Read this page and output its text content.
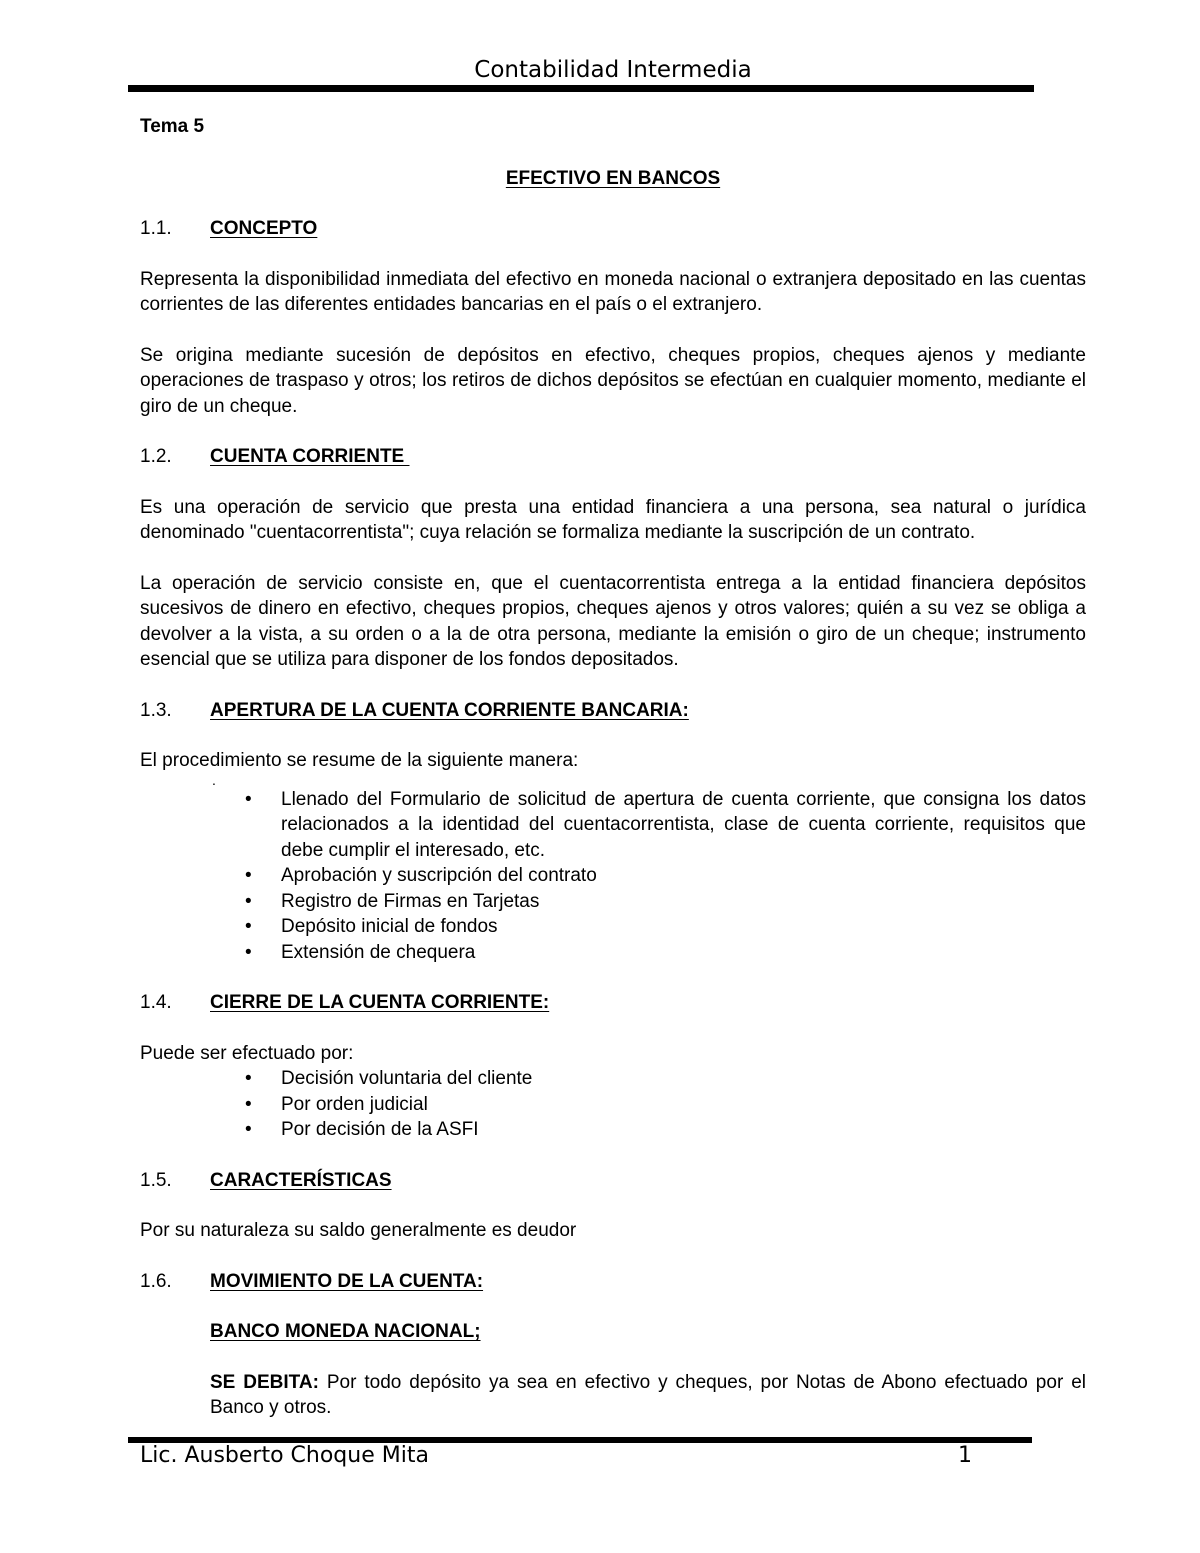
Contabilidad Intermedia

Tema 5

EFECTIVO EN BANCOS

1.1.	CONCEPTO

Representa la disponibilidad inmediata del efectivo en moneda nacional o extranjera depositado en las cuentas corrientes de las diferentes entidades bancarias en el país o el extranjero.

Se origina mediante sucesión de depósitos en efectivo, cheques propios, cheques ajenos y mediante operaciones de traspaso y otros; los retiros de dichos depósitos se efectúan en cualquier momento, mediante el giro de un cheque.

1.2.	CUENTA CORRIENTE

Es una operación de servicio que presta una entidad financiera a una persona, sea natural o jurídica denominado "cuentacorrentista"; cuya relación se formaliza mediante la suscripción de un contrato.

La operación de servicio consiste en, que el cuentacorrentista entrega a la entidad financiera depósitos sucesivos de dinero en efectivo, cheques propios, cheques ajenos y otros valores; quién a su vez se obliga a devolver a la vista, a su orden o a la de otra persona, mediante la emisión o giro de un cheque; instrumento esencial que se utiliza para disponer de los fondos depositados.

1.3.	APERTURA DE LA CUENTA CORRIENTE BANCARIA:

El procedimiento se resume de la siguiente manera:

.

• Llenado del Formulario de solicitud de apertura de cuenta corriente, que consigna los datos relacionados a la identidad del cuentacorrentista, clase de cuenta corriente, requisitos que debe cumplir el interesado, etc.
• Aprobación y suscripción del contrato
• Registro de Firmas en Tarjetas
• Depósito inicial de fondos
• Extensión de chequera
1.4.	CIERRE DE LA CUENTA CORRIENTE:

Puede ser efectuado por:

• Decisión voluntaria del cliente
• Por orden judicial
• Por decisión de la ASFI
1.5.	CARACTERÍSTICAS

Por su naturaleza su saldo generalmente es deudor

1.6.	MOVIMIENTO DE LA CUENTA:

BANCO MONEDA NACIONAL;

SE DEBITA: Por todo depósito ya sea en efectivo y cheques, por Notas de Abono efectuado por el Banco y otros.

Lic. Ausberto Choque Mita	1
